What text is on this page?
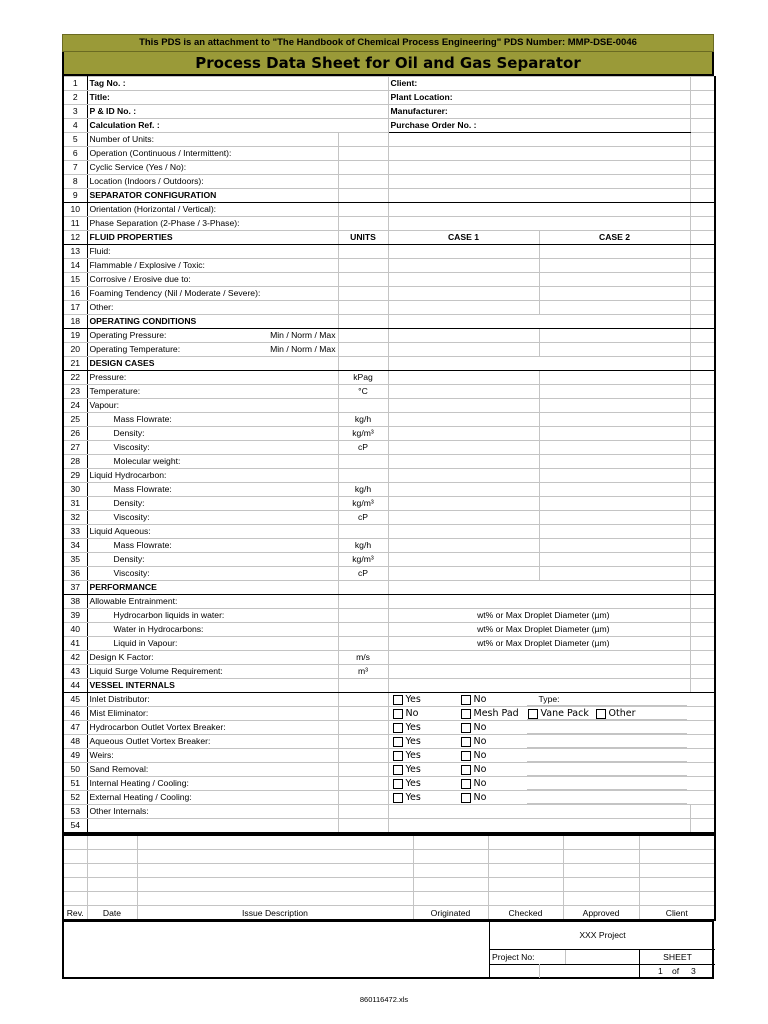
This PDS is an attachment to "The Handbook of Chemical Process Engineering" PDS Number: MMP-DSE-0046
Process Data Sheet for Oil and Gas Separator
1	Tag No. :		Client:		
2	Title:		Plant Location:		
3	P & ID No. :		Manufacturer:		
4	Calculation Ref. :		Purchase Order No. :		
5	Number of Units:				
6	Operation (Continuous / Intermittent):				
7	Cyclic Service (Yes / No):				
8	Location (Indoors / Outdoors):				
9	SEPARATOR CONFIGURATION				
10	Orientation (Horizontal / Vertical):				
11	Phase Separation (2-Phase / 3-Phase):				
12	FLUID PROPERTIES	UNITS	CASE 1	CASE 2	
13	Fluid:				
14	Flammable / Explosive / Toxic:				
15	Corrosive / Erosive due to:				
16	Foaming Tendency (Nil / Moderate / Severe):				
17	Other:				
18	OPERATING CONDITIONS				
19	Operating Pressure: Min / Norm / Max				

20	Operating Temperature: Min / Norm / Max				

21	DESIGN CASES				
22	Pressure:	kPag			
23	Temperature:	°C			
24	Vapour:				
25	Mass Flowrate:	kg/h			
26	Density:	kg/m³			
27	Viscosity:	cP			
28	Molecular weight:				
29	Liquid Hydrocarbon:				
30	Mass Flowrate:	kg/h			
31	Density:	kg/m³			
32	Viscosity:	cP			
33	Liquid Aqueous:				
34	Mass Flowrate:	kg/h			
35	Density:	kg/m³			
36	Viscosity:	cP			
37	PERFORMANCE				
38	Allowable Entrainment:				
39	Hydrocarbon liquids in water:		wt% or Max Droplet Diameter (µm)		
40	Water in Hydrocarbons:		wt% or Max Droplet Diameter (µm)		
41	Liquid in Vapour:		wt% or Max Droplet Diameter (µm)		
42	Design K Factor:	m/s			
43	Liquid Surge Volume Requirement:	m³			
44	VESSEL INTERNALS				
45	Inlet Distributor:		Yes No Type:		

46	Mist Eliminator:		No Mesh Pad Vane Pack Other		

47	Hydrocarbon Outlet Vortex Breaker:		Yes No		

48	Aqueous Outlet Vortex Breaker:		Yes No		

49	Weirs:		Yes No		

50	Sand Removal:		Yes No		

51	Internal Heating / Cooling:		Yes No		

52	External Heating / Cooling:		Yes No		

53	Other Internals:				
54					

Rev.	Date	Issue Description	Originated	Checked	Approved	Client
XXX Project
Project No:	SHEET
1	of	3
860116472.xls
